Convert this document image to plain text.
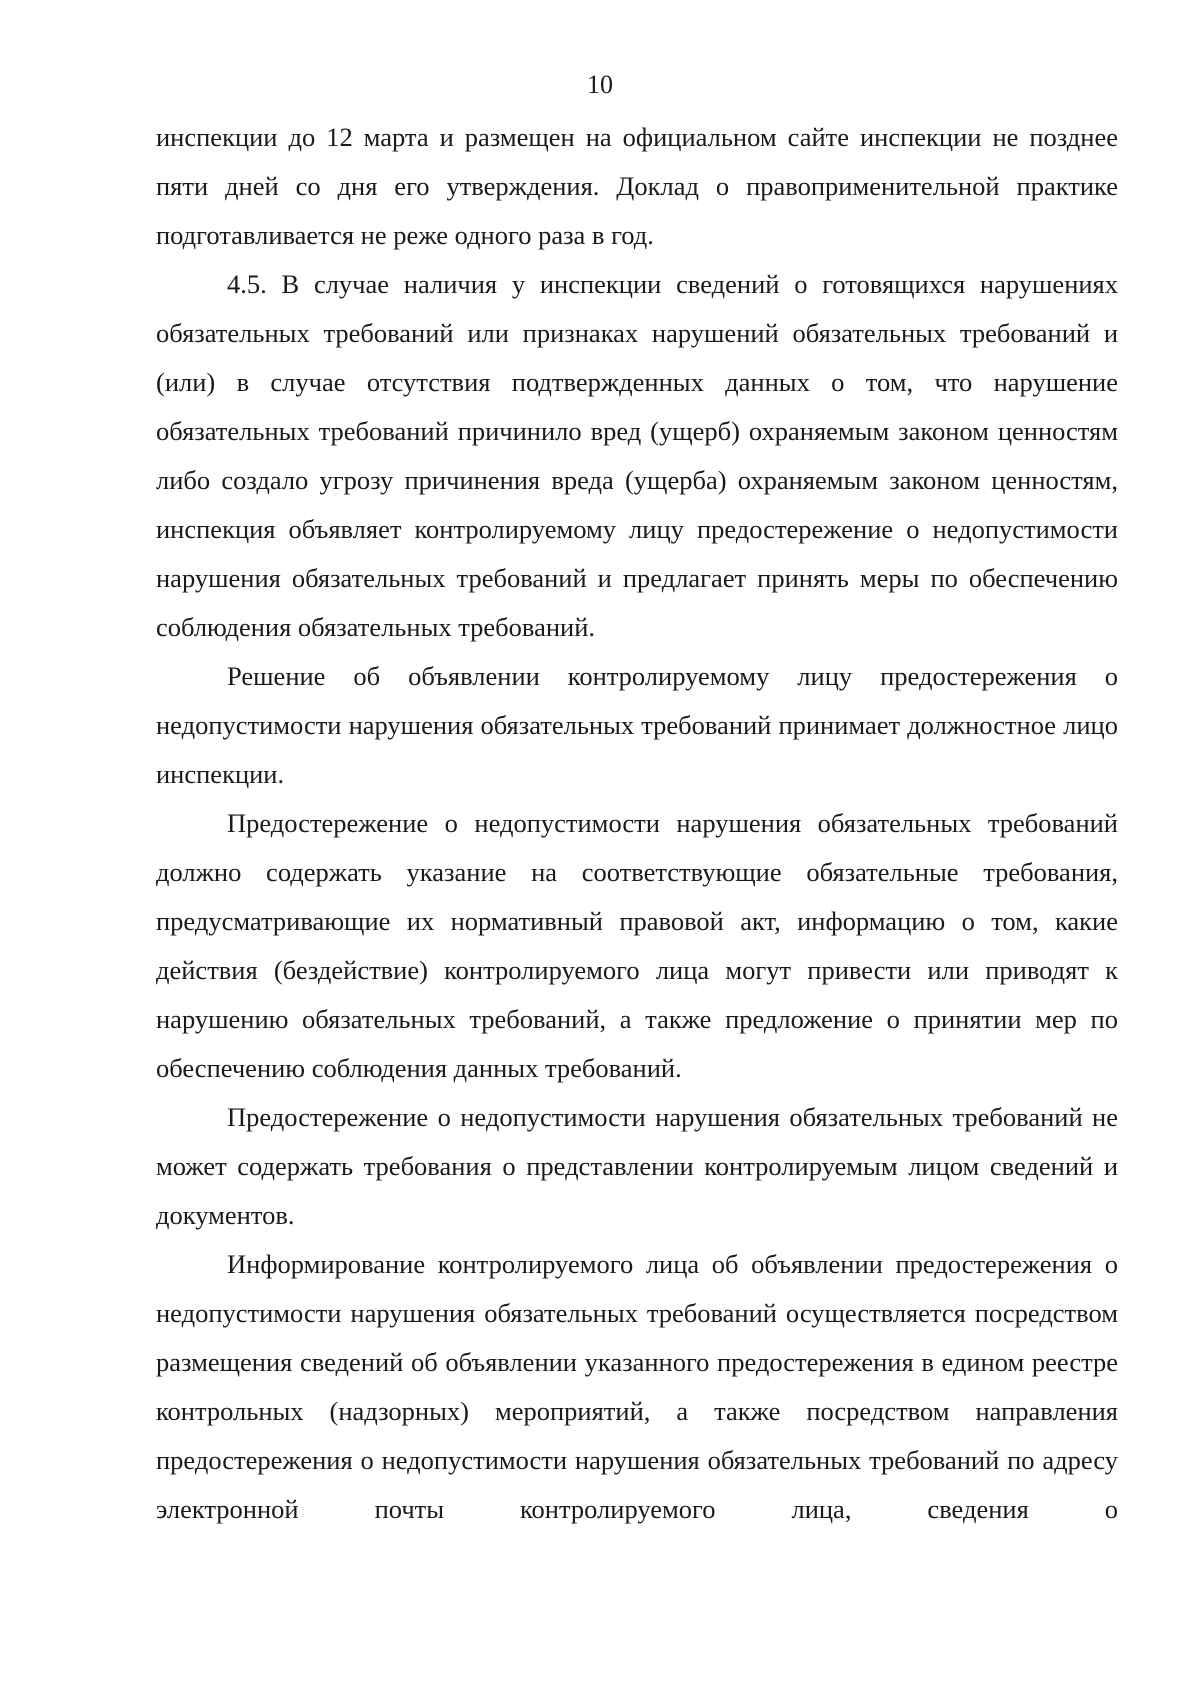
10

инспекции до 12 марта и размещен на официальном сайте инспекции не позднее пяти дней со дня его утверждения. Доклад о правоприменительной практике подготавливается не реже одного раза в год.

4.5. В случае наличия у инспекции сведений о готовящихся нарушениях обязательных требований или признаках нарушений обязательных требований и (или) в случае отсутствия подтвержденных данных о том, что нарушение обязательных требований причинило вред (ущерб) охраняемым законом ценностям либо создало угрозу причинения вреда (ущерба) охраняемым законом ценностям, инспекция объявляет контролируемому лицу предостережение о недопустимости нарушения обязательных требований и предлагает принять меры по обеспечению соблюдения обязательных требований.

Решение об объявлении контролируемому лицу предостережения о недопустимости нарушения обязательных требований принимает должностное лицо инспекции.

Предостережение о недопустимости нарушения обязательных требований должно содержать указание на соответствующие обязательные требования, предусматривающие их нормативный правовой акт, информацию о том, какие действия (бездействие) контролируемого лица могут привести или приводят к нарушению обязательных требований, а также предложение о принятии мер по обеспечению соблюдения данных требований.

Предостережение о недопустимости нарушения обязательных требований не может содержать требования о представлении контролируемым лицом сведений и документов.

Информирование контролируемого лица об объявлении предостережения о недопустимости нарушения обязательных требований осуществляется посредством размещения сведений об объявлении указанного предостережения в едином реестре контрольных (надзорных) мероприятий, а также посредством направления предостережения о недопустимости нарушения обязательных требований по адресу электронной почты контролируемого лица, сведения о
